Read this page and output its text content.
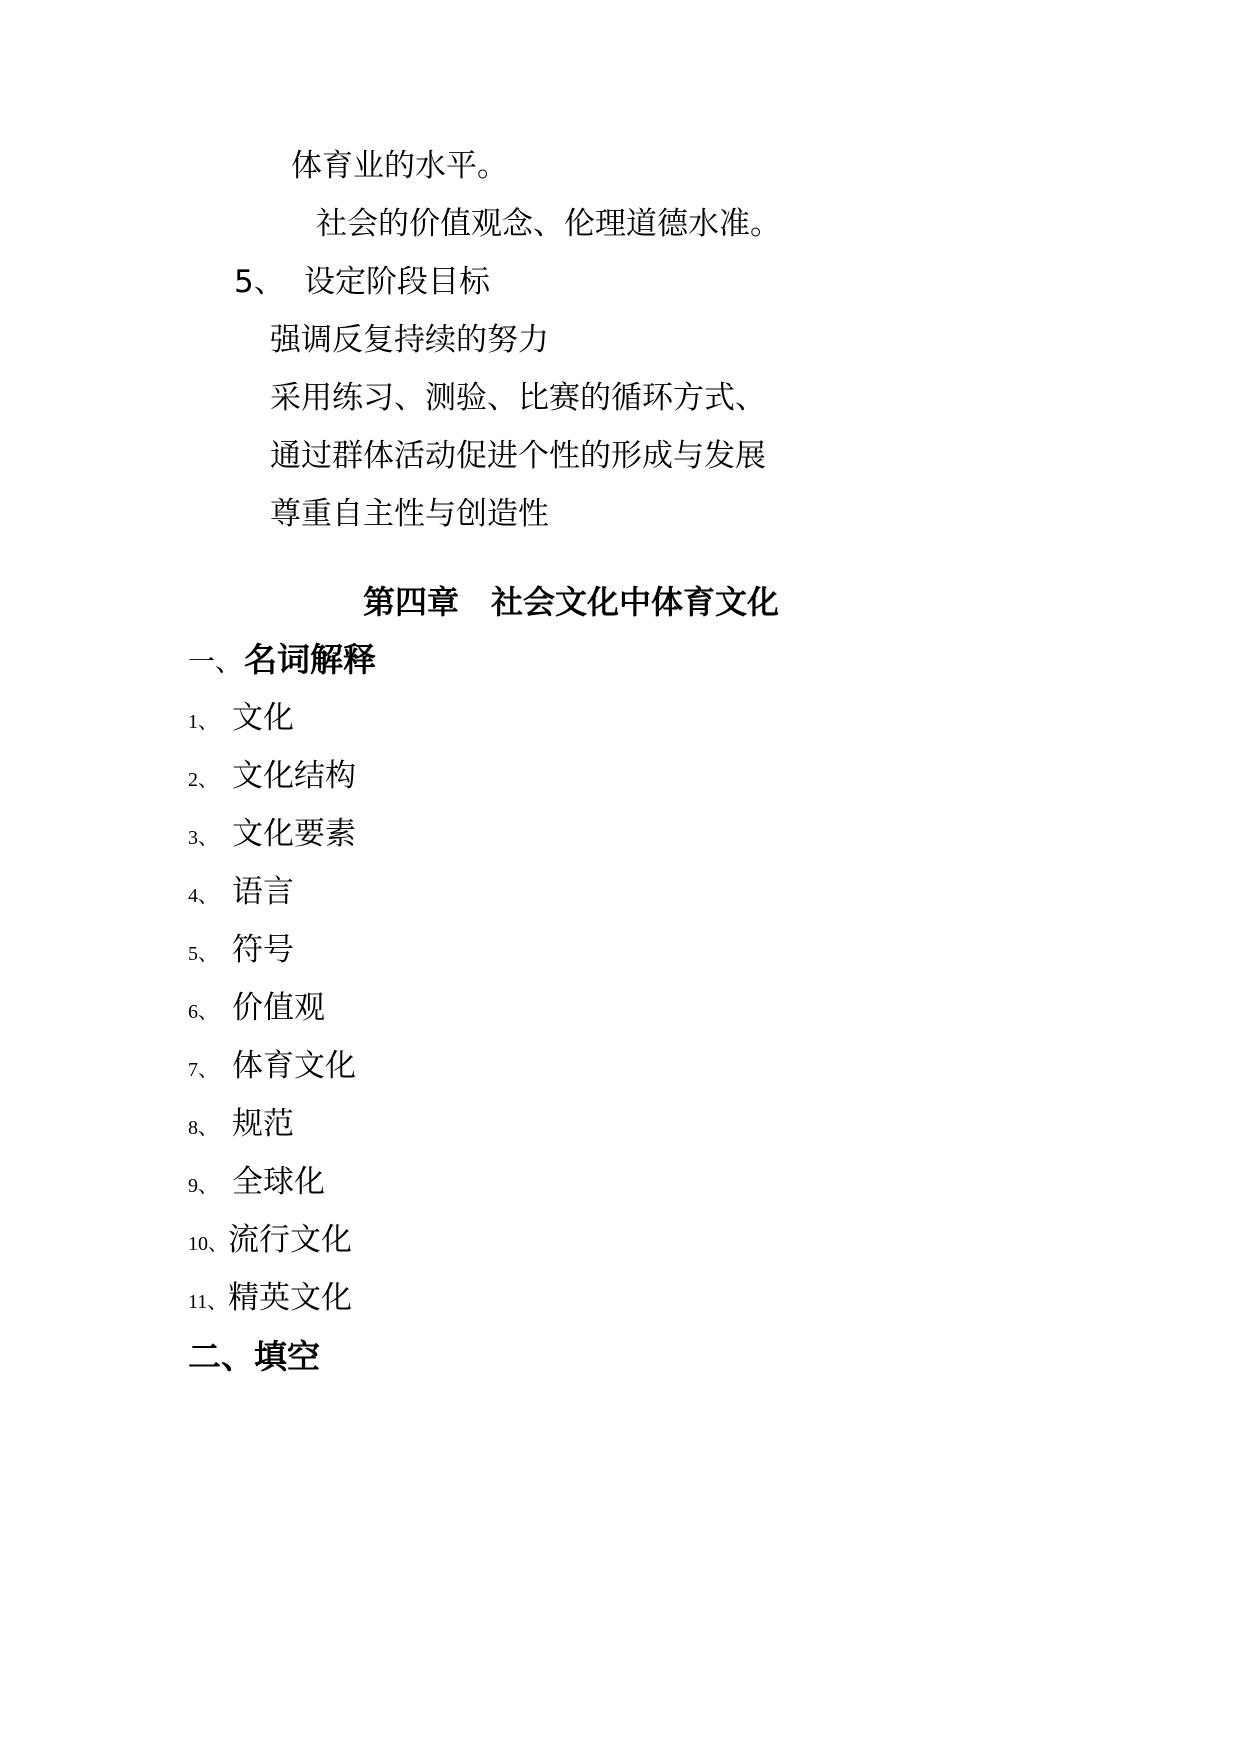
体育业的水平。
社会的价值观念、伦理道德水准。
5、 设定阶段目标
强调反复持续的努力
采用练习、测验、比赛的循环方式、
通过群体活动促进个性的形成与发展
尊重自主性与创造性
第四章　社会文化中体育文化
一、名词解释
1、 文化
2、 文化结构
3、 文化要素
4、 语言
5、 符号
6、 价值观
7、 体育文化
8、 规范
9、 全球化
10、流行文化
11、精英文化
二、填空
